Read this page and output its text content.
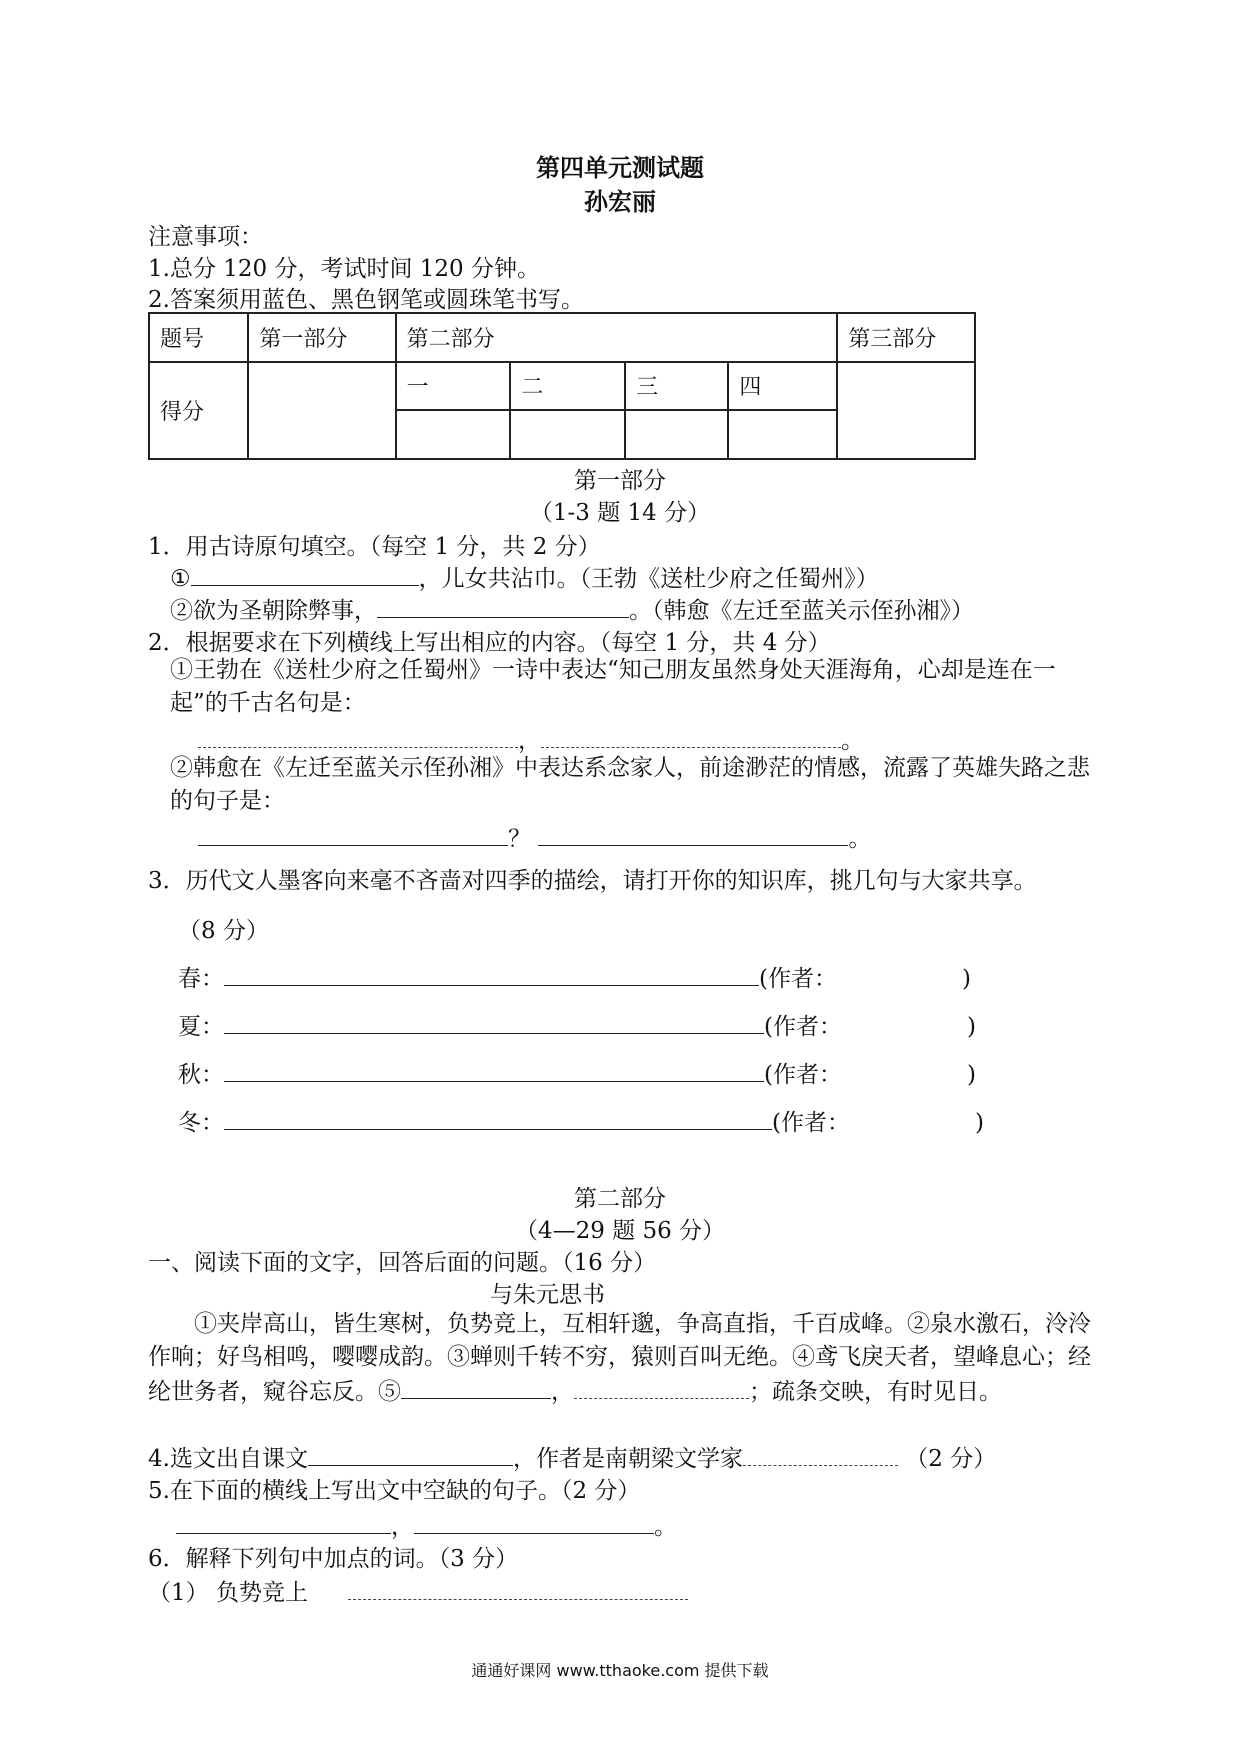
第四单元测试题
孙宏丽
注意事项：
1.总分 120 分，考试时间 120 分钟。
2.答案须用蓝色、黑色钢笔或圆珠笔书写。
题号	第一部分	第二部分				第三部分
得分		一	二	三	四	

第一部分
（1-3 题 14 分）
1．用古诗原句填空。（每空 1 分，共 2 分）
①	，儿女共沾巾。（王勃《送杜少府之任蜀州》）
②欲为圣朝除弊事，	。（韩愈《左迁至蓝关示侄孙湘》）
2．根据要求在下列横线上写出相应的内容。（每空 1 分，共 4 分）
①王勃在《送杜少府之任蜀州》一诗中表达“知己朋友虽然身处天涯海角，心却是连在一起”的千古名句是：
，	。
②韩愈在《左迁至蓝关示侄孙湘》中表达系念家人，前途渺茫的情感，流露了英雄失路之悲的句子是：
？	。
3．历代文人墨客向来毫不吝啬对四季的描绘，请打开你的知识库，挑几句与大家共享。
（8 分）
春：	(作者：	)
夏：	(作者：	)
秋：	(作者：	)
冬：	(作者：	)
第二部分
（4—29 题 56 分）
一、阅读下面的文字，回答后面的问题。（16 分）
与朱元思书
①夹岸高山，皆生寒树，负势竞上，互相轩邈，争高直指，千百成峰。②泉水激石，泠泠作响；好鸟相鸣，嘤嘤成韵。③蝉则千转不穷，猿则百叫无绝。④鸢飞戾天者，望峰息心；经纶世务者，窥谷忘反。⑤	，	；疏条交映，有时见日。
4.选文出自课文	，作者是南朝梁文学家	（2 分）
5.在下面的横线上写出文中空缺的句子。（2 分）
，	。
6．解释下列句中加点的词。（3 分）
（1） 负势竞上
通通好课网 www.tthaoke.com 提供下载
